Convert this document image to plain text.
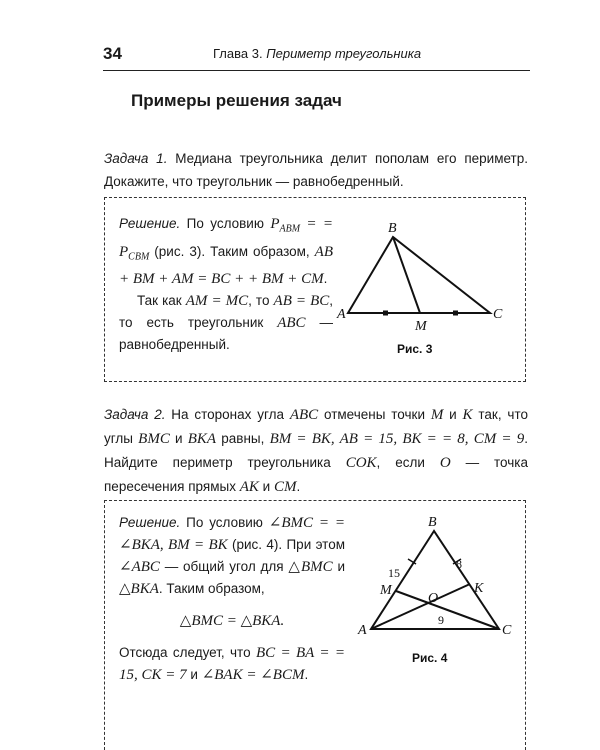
34	Глава 3. Периметр треугольника
Примеры решения задач
Задача 1. Медиана треугольника делит пополам его периметр. Докажите, что треугольник — равнобедренный.
Решение. По условию $P_{ABM}$ = = $P_{CBM}$ (рис. 3). Таким образом, AB + BM + AM = BC + + BM + CM.
Так как AM = MC, то AB = BC, то есть треугольник ABC — равнобедренный.
B
A	C
M
Рис. 3
Задача 2. На сторонах угла ABC отмечены точки M и K так, что углы BMC и BKA равны, BM = BK, AB = 15, BK = = 8, CM = 9. Найдите периметр треугольника COK, если O — точка пересечения прямых AK и CM.
Решение. По условию ∠BMC = = ∠BKA, BM = BK (рис. 4). При этом ∠ABC — общий угол для △BMC и △BKA. Таким образом,
△BMC = △BKA.
Отсюда следует, что BC = BA = = 15, CK = 7 и ∠BAK = ∠BCM.
B
A	C
M	K
O
15
8
9
Рис. 4
